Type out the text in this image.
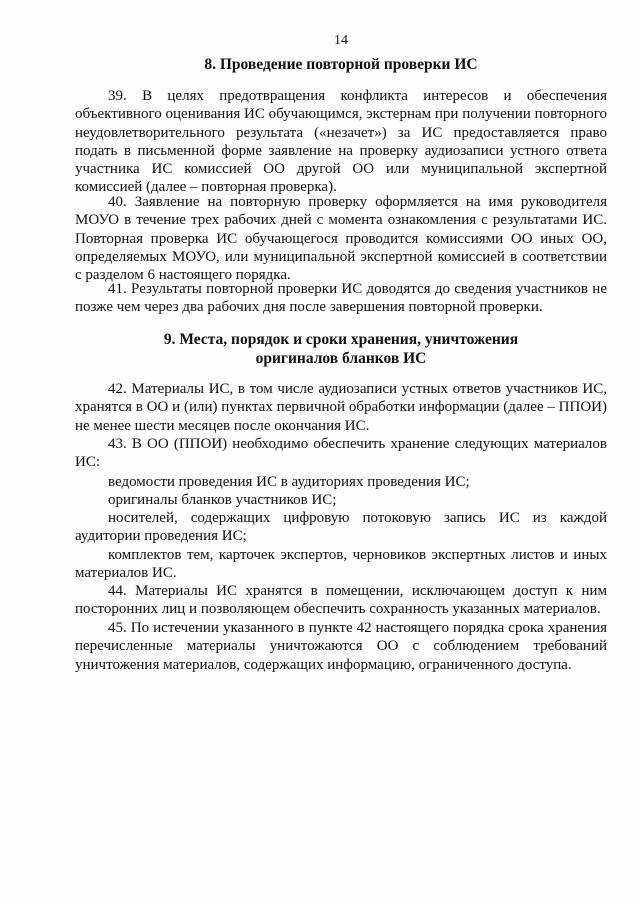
14
8. Проведение повторной проверки ИС

39. В целях предотвращения конфликта интересов и обеспечения объективного оценивания ИС обучающимся, экстернам при получении повторного неудовлетворительного результата («незачет») за ИС предоставляется право подать в письменной форме заявление на проверку аудиозаписи устного ответа участника ИС комиссией ОО другой ОО или муниципальной экспертной комиссией (далее – повторная проверка).

40. Заявление на повторную проверку оформляется на имя руководителя МОУО в течение трех рабочих дней с момента ознакомления с результатами ИС. Повторная проверка ИС обучающегося проводится комиссиями ОО иных ОО, определяемых МОУО, или муниципальной экспертной комиссией в соответствии с разделом 6 настоящего порядка.

41. Результаты повторной проверки ИС доводятся до сведения участников не позже чем через два рабочих дня после завершения повторной проверки.

9. Места, порядок и сроки хранения, уничтожения
оригиналов бланков ИС

42. Материалы ИС, в том числе аудиозаписи устных ответов участников ИС, хранятся в ОО и (или) пунктах первичной обработки информации (далее – ППОИ) не менее шести месяцев после окончания ИС.

43. В ОО (ППОИ) необходимо обеспечить хранение следующих материалов ИС:

ведомости проведения ИС в аудиториях проведения ИС;

оригиналы бланков участников ИС;

носителей, содержащих цифровую потоковую запись ИС из каждой аудитории проведения ИС;

комплектов тем, карточек экспертов, черновиков экспертных листов и иных материалов ИС.

44. Материалы ИС хранятся в помещении, исключающем доступ к ним посторонних лиц и позволяющем обеспечить сохранность указанных материалов.

45. По истечении указанного в пункте 42 настоящего порядка срока хранения перечисленные материалы уничтожаются ОО с соблюдением требований уничтожения материалов, содержащих информацию, ограниченного доступа.
